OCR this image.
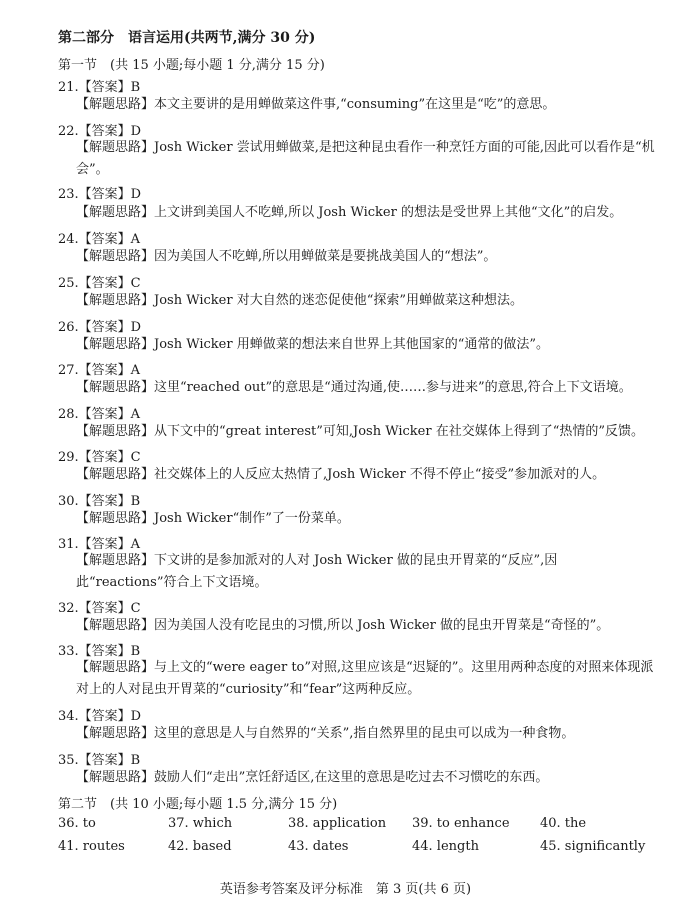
第二部分　语言运用(共两节,满分 30 分)
第一节　(共 15 小题;每小题 1 分,满分 15 分)
21.【答案】B
【解题思路】本文主要讲的是用蝉做菜这件事,“consuming”在这里是“吃”的意思。
22.【答案】D
【解题思路】Josh Wicker 尝试用蝉做菜,是把这种昆虫看作一种烹饪方面的可能,因此可以看作是“机会”。
23.【答案】D
【解题思路】上文讲到美国人不吃蝉,所以 Josh Wicker 的想法是受世界上其他“文化”的启发。
24.【答案】A
【解题思路】因为美国人不吃蝉,所以用蝉做菜是要挑战美国人的“想法”。
25.【答案】C
【解题思路】Josh Wicker 对大自然的迷恋促使他“探索”用蝉做菜这种想法。
26.【答案】D
【解题思路】Josh Wicker 用蝉做菜的想法来自世界上其他国家的“通常的做法”。
27.【答案】A
【解题思路】这里“reached out”的意思是“通过沟通,使……参与进来”的意思,符合上下文语境。
28.【答案】A
【解题思路】从下文中的“great interest”可知,Josh Wicker 在社交媒体上得到了“热情的”反馈。
29.【答案】C
【解题思路】社交媒体上的人反应太热情了,Josh Wicker 不得不停止“接受”参加派对的人。
30.【答案】B
【解题思路】Josh Wicker“制作”了一份菜单。
31.【答案】A
【解题思路】下文讲的是参加派对的人对 Josh Wicker 做的昆虫开胃菜的“反应”,因此“reactions”符合上下文语境。
32.【答案】C
【解题思路】因为美国人没有吃昆虫的习惯,所以 Josh Wicker 做的昆虫开胃菜是“奇怪的”。
33.【答案】B
【解题思路】与上文的“were eager to”对照,这里应该是“迟疑的”。这里用两种态度的对照来体现派对上的人对昆虫开胃菜的“curiosity”和“fear”这两种反应。
34.【答案】D
【解题思路】这里的意思是人与自然界的“关系”,指自然界里的昆虫可以成为一种食物。
35.【答案】B
【解题思路】鼓励人们“走出”烹饪舒适区,在这里的意思是吃过去不习惯吃的东西。
第二节　(共 10 小题;每小题 1.5 分,满分 15 分)
36. to	37. which	38. application 39. to enhance 40. the
41. routes	42. based	43. dates	44. length	45. significantly
英语参考答案及评分标准　第 3 页(共 6 页)
